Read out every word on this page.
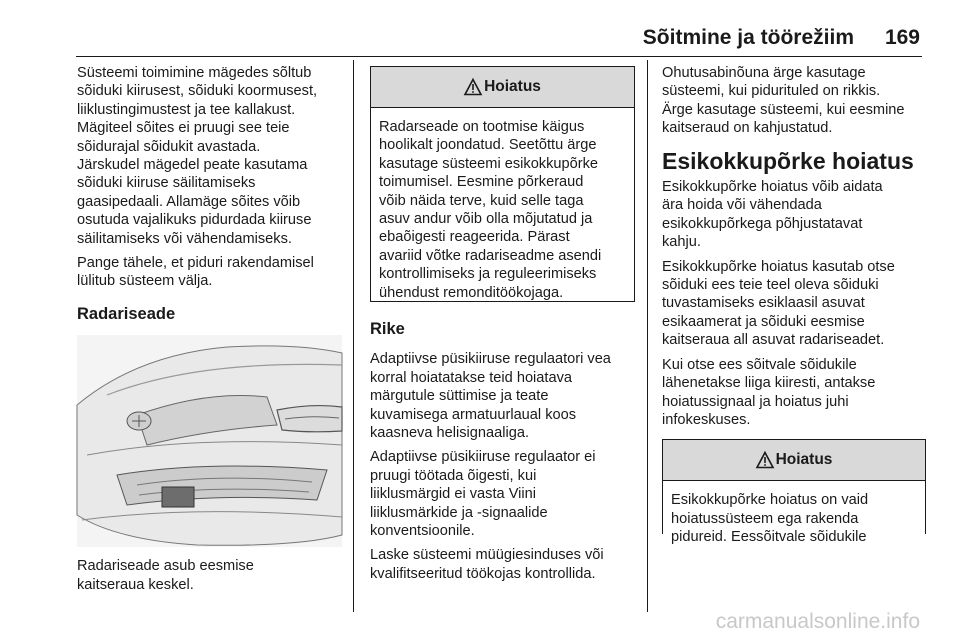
Sõitmine ja töörežiim 169

Süsteemi toimimine mägedes sõltub
sõiduki kiirusest, sõiduki koormusest,
liiklustingimustest ja tee kallakust.
Mägiteel sõites ei pruugi see teie
sõidurajal sõidukit avastada.
Järskudel mägedel peate kasutama
sõiduki kiiruse säilitamiseks
gaasipedaali. Allamäge sõites võib
osutuda vajalikuks pidurdada kiiruse
säilitamiseks või vähendamiseks.

Pange tähele, et piduri rakendamisel
lülitub süsteem välja.

Radariseade

Radariseade asub eesmise
kaitseraua keskel.

Hoiatus
Radarseade on tootmise käigus
hoolikalt joondatud. Seetõttu ärge
kasutage süsteemi esikokkupõrke
toimumisel. Eesmine põrkeraud
võib näida terve, kuid selle taga
asuv andur võib olla mõjutatud ja
ebaõigesti reageerida. Pärast
avariid võtke radariseadme asendi
kontrollimiseks ja reguleerimiseks
ühendust remonditöökojaga.
Rike

Adaptiivse püsikiiruse regulaatori vea
korral hoiatatakse teid hoiatava
märgutule süttimise ja teate
kuvamisega armatuurlaual koos
kaasneva helisignaaliga.

Adaptiivse püsikiiruse regulaator ei
pruugi töötada õigesti, kui
liiklusmärgid ei vasta Viini
liiklusmärkide ja -signaalide
konventsioonile.

Laske süsteemi müügiesinduses või
kvalifitseeritud töökojas kontrollida.

Ohutusabinõuna ärge kasutage
süsteemi, kui pidurituled on rikkis.
Ärge kasutage süsteemi, kui eesmine
kaitseraud on kahjustatud.

Esikokkupõrke hoiatus

Esikokkupõrke hoiatus võib aidata
ära hoida või vähendada
esikokkupõrkega põhjustatavat
kahju.

Esikokkupõrke hoiatus kasutab otse
sõiduki ees teie teel oleva sõiduki
tuvastamiseks esiklaasil asuvat
esikaamerat ja sõiduki eesmise
kaitseraua all asuvat radariseadet.

Kui otse ees sõitvale sõidukile
lähenetakse liiga kiiresti, antakse
hoiatussignaal ja hoiatus juhi
infokeskuses.

Hoiatus
Esikokkupõrke hoiatus on vaid
hoiatussüsteem ega rakenda
pidureid. Eessõitvale sõidukile
carmanualsonline.info
